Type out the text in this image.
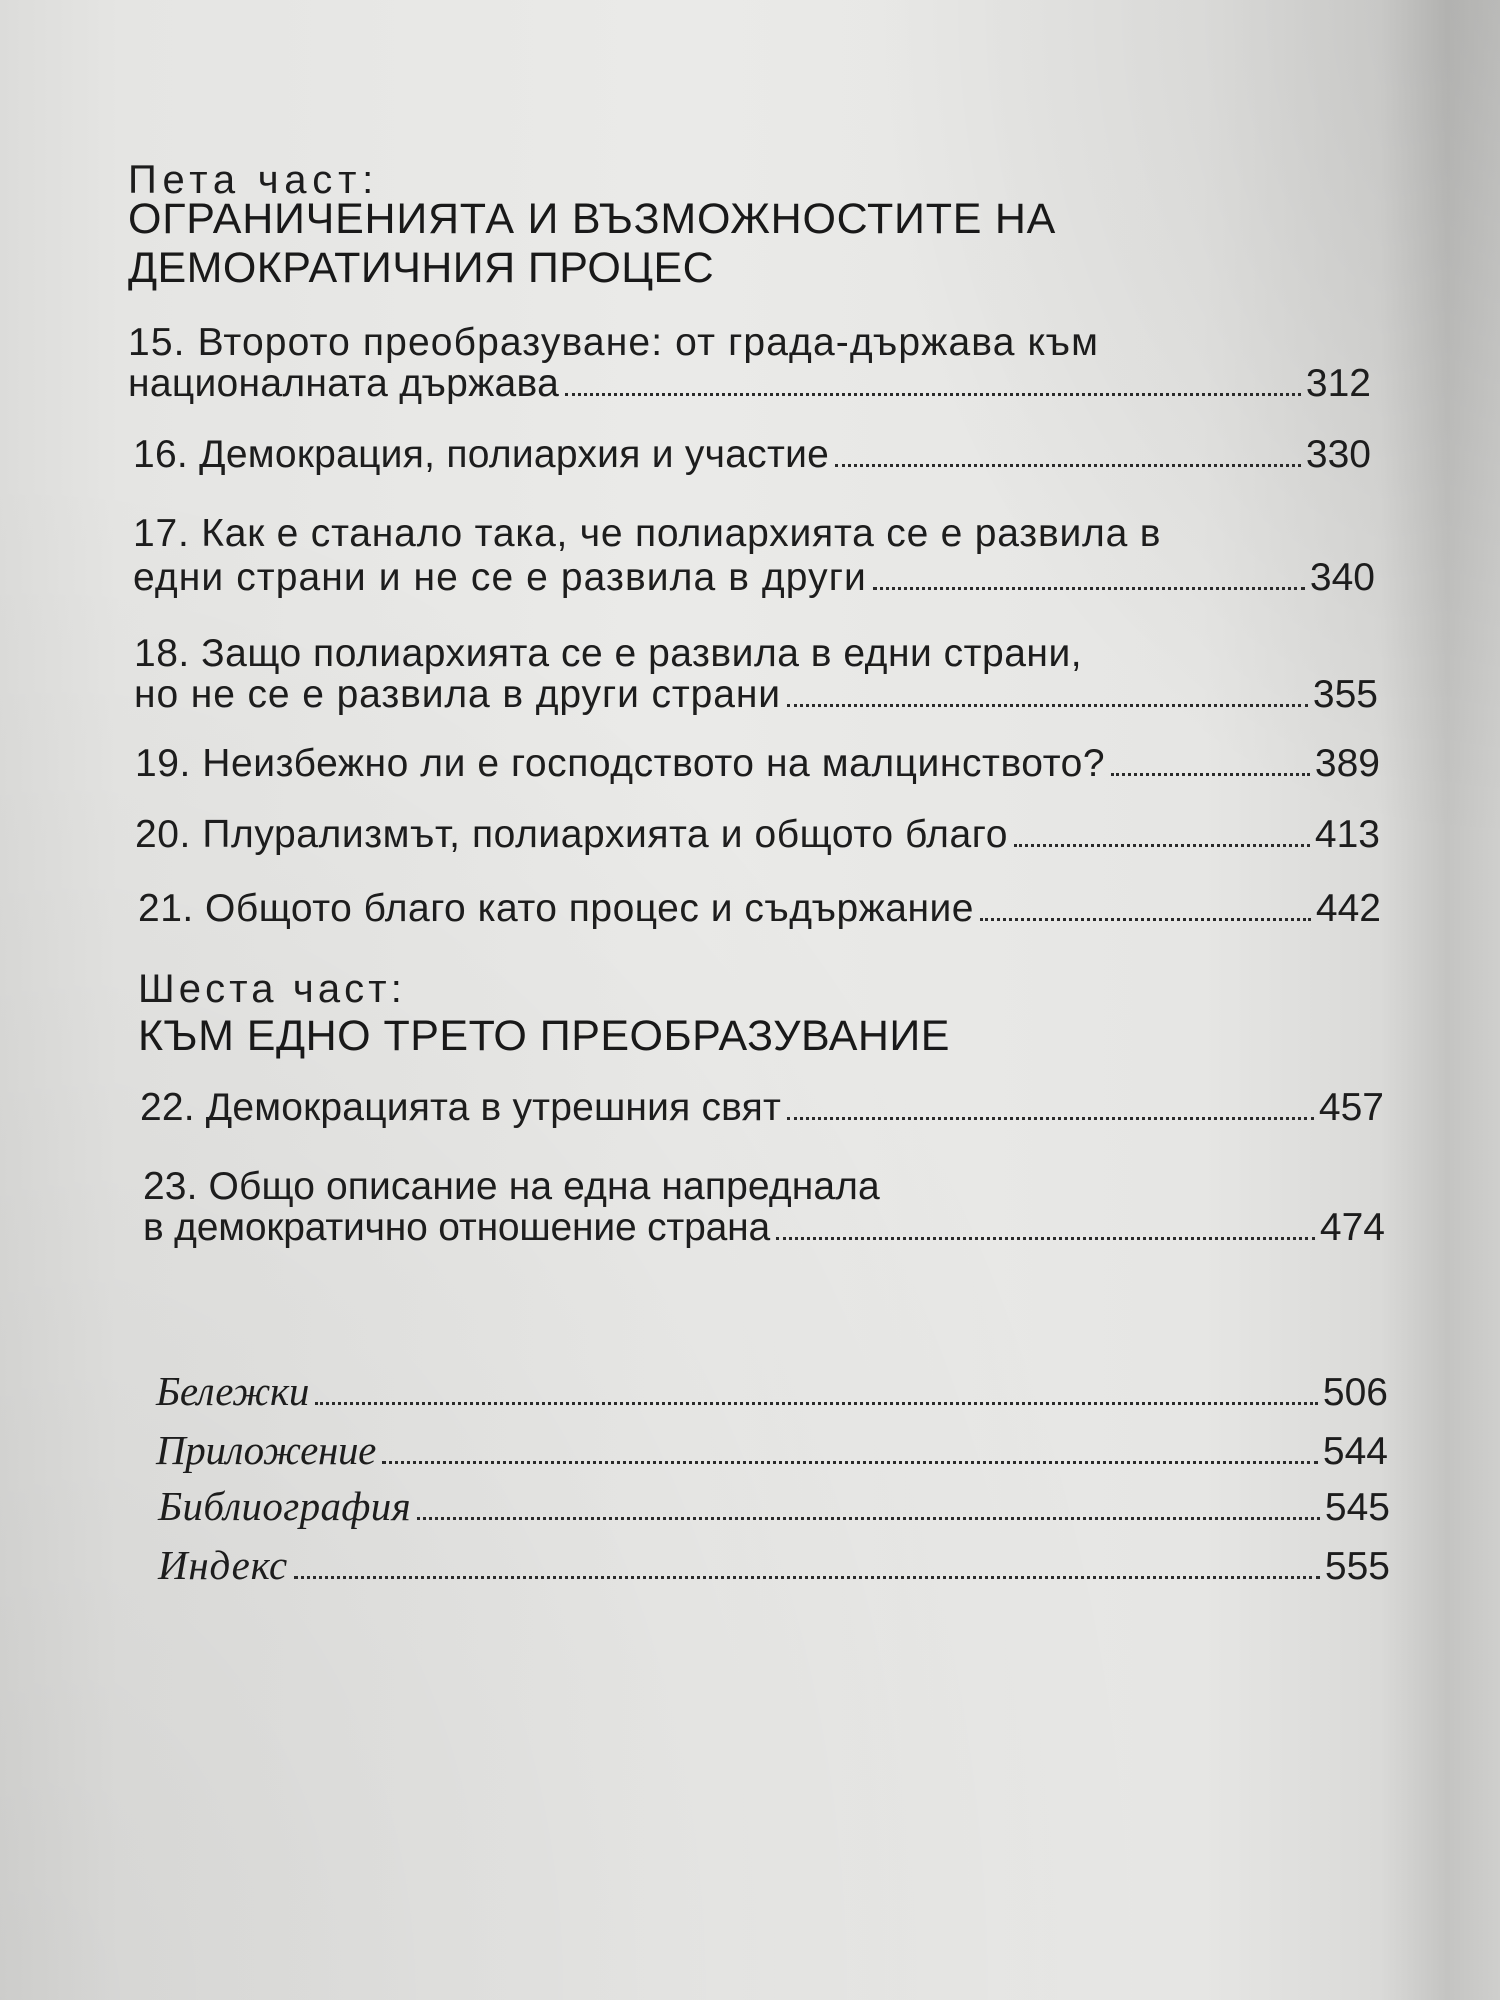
Пета част:
ОГРАНИЧЕНИЯТА И ВЪЗМОЖНОСТИТЕ НА
ДЕМОКРАТИЧНИЯ ПРОЦЕС
15. Второто преобразуване: от града-държава към
националната държава	312
16. Демокрация, полиархия и участие	330
17. Как е станало така, че полиархията се е развила в
едни страни и не се е развила в други	340
18. Защо полиархията се е развила в едни страни,
но не се е развила в други страни	355
19. Неизбежно ли е господството на малцинството?	389
20. Плурализмът, полиархията и общото благо	413
21. Общото благо като процес и съдържание	442
Шеста част:
КЪМ ЕДНО ТРЕТО ПРЕОБРАЗУВАНИЕ
22. Демокрацията в утрешния свят	457
23. Общо описание на една напреднала
в демократично отношение страна	474
Бележки	506
Приложение	544
Библиография	545
Индекс	555
